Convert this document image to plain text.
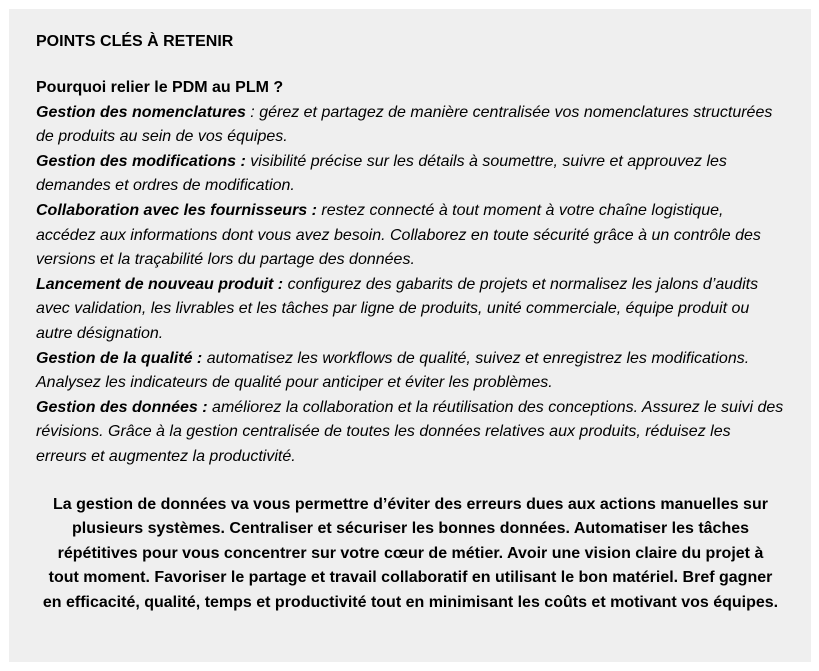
POINTS CLÉS À RETENIR

Pourquoi relier le PDM au PLM ?

Gestion des nomenclatures : gérez et partagez de manière centralisée vos nomenclatures structurées de produits au sein de vos équipes.
Gestion des modifications : visibilité précise sur les détails à soumettre, suivre et approuvez les demandes et ordres de modification.
Collaboration avec les fournisseurs : restez connecté à tout moment à votre chaîne logistique, accédez aux informations dont vous avez besoin. Collaborez en toute sécurité grâce à un contrôle des versions et la traçabilité lors du partage des données.
Lancement de nouveau produit : configurez des gabarits de projets et normalisez les jalons d’audits avec validation, les livrables et les tâches par ligne de produits, unité commerciale, équipe produit ou autre désignation.
Gestion de la qualité : automatisez les workflows de qualité, suivez et enregistrez les modifications. Analysez les indicateurs de qualité pour anticiper et éviter les problèmes.
Gestion des données : améliorez la collaboration et la réutilisation des conceptions. Assurez le suivi des révisions. Grâce à la gestion centralisée de toutes les données relatives aux produits, réduisez les erreurs et augmentez la productivité.

La gestion de données va vous permettre d’éviter des erreurs dues aux actions manuelles sur plusieurs systèmes. Centraliser et sécuriser les bonnes données. Automatiser les tâches répétitives pour vous concentrer sur votre cœur de métier. Avoir une vision claire du projet à tout moment. Favoriser le partage et travail collaboratif en utilisant le bon matériel. Bref gagner en efficacité, qualité, temps et productivité tout en minimisant les coûts et motivant vos équipes.
